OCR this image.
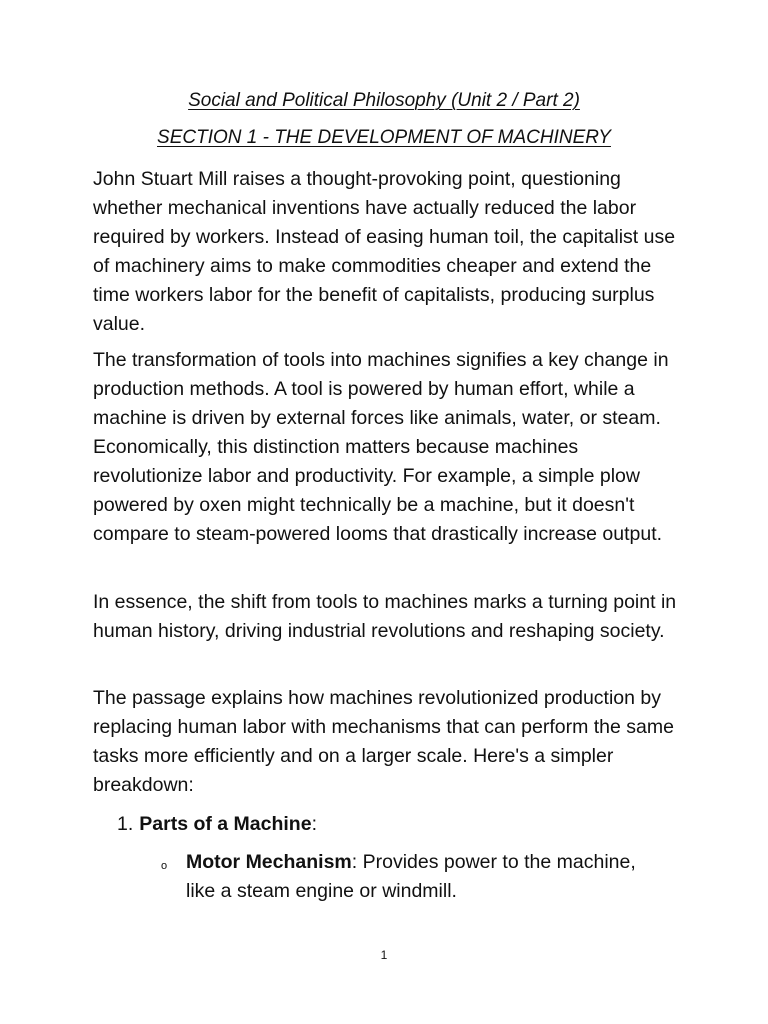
Social and Political Philosophy (Unit 2 / Part 2)

SECTION 1 - THE DEVELOPMENT OF MACHINERY

John Stuart Mill raises a thought-provoking point, questioning whether mechanical inventions have actually reduced the labor required by workers. Instead of easing human toil, the capitalist use of machinery aims to make commodities cheaper and extend the time workers labor for the benefit of capitalists, producing surplus value.

The transformation of tools into machines signifies a key change in production methods. A tool is powered by human effort, while a machine is driven by external forces like animals, water, or steam. Economically, this distinction matters because machines revolutionize labor and productivity. For example, a simple plow powered by oxen might technically be a machine, but it doesn't compare to steam-powered looms that drastically increase output.

In essence, the shift from tools to machines marks a turning point in human history, driving industrial revolutions and reshaping society.

The passage explains how machines revolutionized production by replacing human labor with mechanisms that can perform the same tasks more efficiently and on a larger scale. Here's a simpler breakdown:

1. Parts of a Machine:

o Motor Mechanism: Provides power to the machine, like a steam engine or windmill.

1
